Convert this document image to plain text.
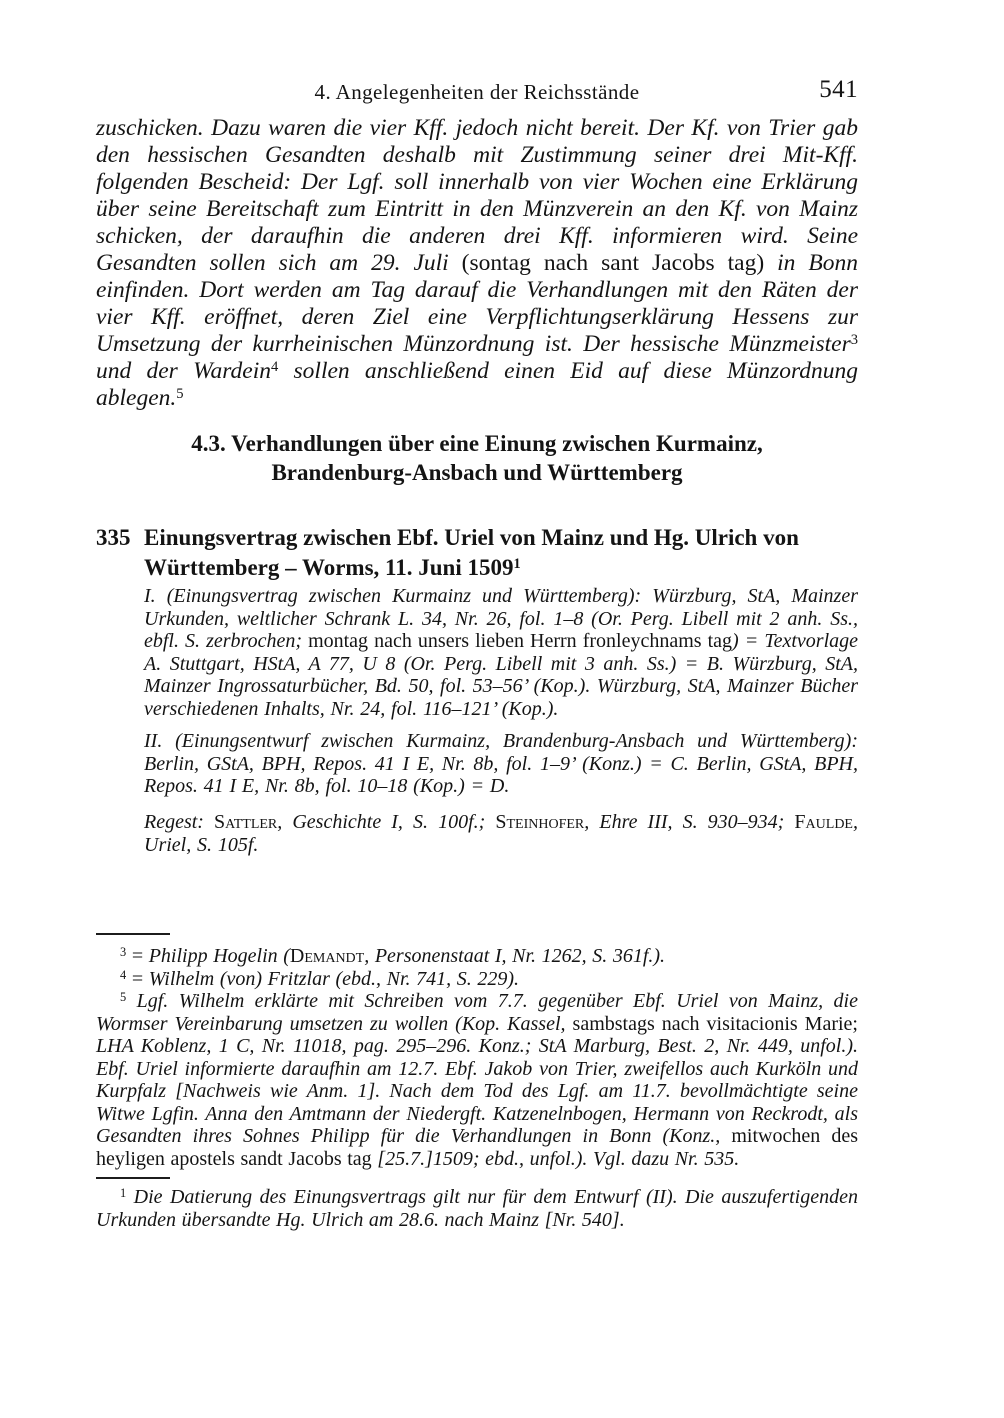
4. Angelegenheiten der Reichsstände	541

zuschicken. Dazu waren die vier Kff. jedoch nicht bereit. Der Kf. von Trier gab den hessischen Gesandten deshalb mit Zustimmung seiner drei Mit-Kff. folgenden Bescheid: Der Lgf. soll innerhalb von vier Wochen eine Erklärung über seine Bereitschaft zum Eintritt in den Münzverein an den Kf. von Mainz schicken, der daraufhin die anderen drei Kff. informieren wird. Seine Gesandten sollen sich am 29. Juli (sontag nach sant Jacobs tag) in Bonn einfinden. Dort werden am Tag darauf die Verhandlungen mit den Räten der vier Kff. eröffnet, deren Ziel eine Verpflichtungserklärung Hessens zur Umsetzung der kurrheinischen Münzordnung ist. Der hessische Münzmeister$^3$ und der Wardein$^4$ sollen anschließend einen Eid auf diese Münzordnung ablegen.$^5$

4.3. Verhandlungen über eine Einung zwischen Kurmainz,
Brandenburg-Ansbach und Württemberg
335 Einungsvertrag zwischen Ebf. Uriel von Mainz und Hg. Ulrich von Württemberg – Worms, 11. Juni 1509$^1$

I. (Einungsvertrag zwischen Kurmainz und Württemberg): Würzburg, StA, Mainzer Urkunden, weltlicher Schrank L. 34, Nr. 26, fol. 1–8 (Or. Perg. Libell mit 2 anh. Ss., ebfl. S. zerbrochen; montag nach unsers lieben Herrn fronleychnams tag) = Textvorlage A. Stuttgart, HStA, A 77, U 8 (Or. Perg. Libell mit 3 anh. Ss.) = B. Würzburg, StA, Mainzer Ingrossaturbücher, Bd. 50, fol. 53–56’ (Kop.). Würzburg, StA, Mainzer Bücher verschiedenen Inhalts, Nr. 24, fol. 116–121’ (Kop.).

II. (Einungsentwurf zwischen Kurmainz, Brandenburg-Ansbach und Württemberg): Berlin, GStA, BPH, Repos. 41 I E, Nr. 8b, fol. 1–9’ (Konz.) = C. Berlin, GStA, BPH, Repos. 41 I E, Nr. 8b, fol. 10–18 (Kop.) = D.

Regest: Sattler, Geschichte I, S. 100f.; Steinhofer, Ehre III, S. 930–934; Faulde, Uriel, S. 105f.

$^3$ = Philipp Hogelin (Demandt, Personenstaat I, Nr. 1262, S. 361f.).

$^4$ = Wilhelm (von) Fritzlar (ebd., Nr. 741, S. 229).

$^5$ Lgf. Wilhelm erklärte mit Schreiben vom 7.7. gegenüber Ebf. Uriel von Mainz, die Wormser Vereinbarung umsetzen zu wollen (Kop. Kassel, sambstags nach visitacionis Marie; LHA Koblenz, 1 C, Nr. 11018, pag. 295–296. Konz.; StA Marburg, Best. 2, Nr. 449, unfol.). Ebf. Uriel informierte daraufhin am 12.7. Ebf. Jakob von Trier, zweifellos auch Kurköln und Kurpfalz [Nachweis wie Anm. 1]. Nach dem Tod des Lgf. am 11.7. bevollmächtigte seine Witwe Lgfin. Anna den Amtmann der Niedergft. Katzenelnbogen, Hermann von Reckrodt, als Gesandten ihres Sohnes Philipp für die Verhandlungen in Bonn (Konz., mitwochen des heyligen apostels sandt Jacobs tag [25.7.]1509; ebd., unfol.). Vgl. dazu Nr. 535.

$^1$ Die Datierung des Einungsvertrags gilt nur für dem Entwurf (II). Die auszufertigenden Urkunden übersandte Hg. Ulrich am 28.6. nach Mainz [Nr. 540].
